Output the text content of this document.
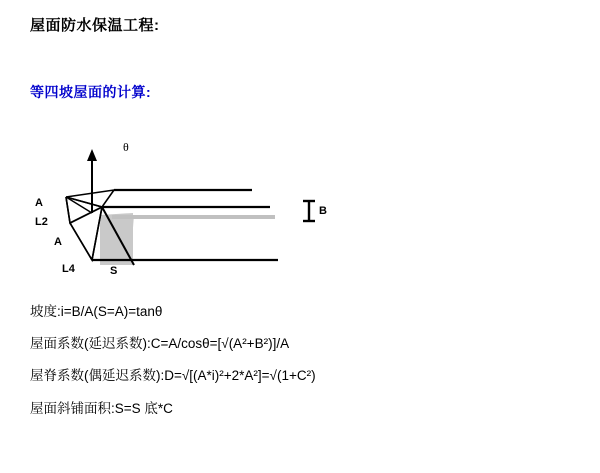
屋面防水保温工程:
等四坡屋面的计算:
θ
A
L2
A
L4	S
B
坡度:i=B/A(S=A)=tanθ
屋面系数(延迟系数):C=A/cosθ=[√(A²+B²)]/A
屋脊系数(偶延迟系数):D=√[(A*i)²+2*A²]=√(1+C²)
屋面斜铺面积:S=S 底*C
